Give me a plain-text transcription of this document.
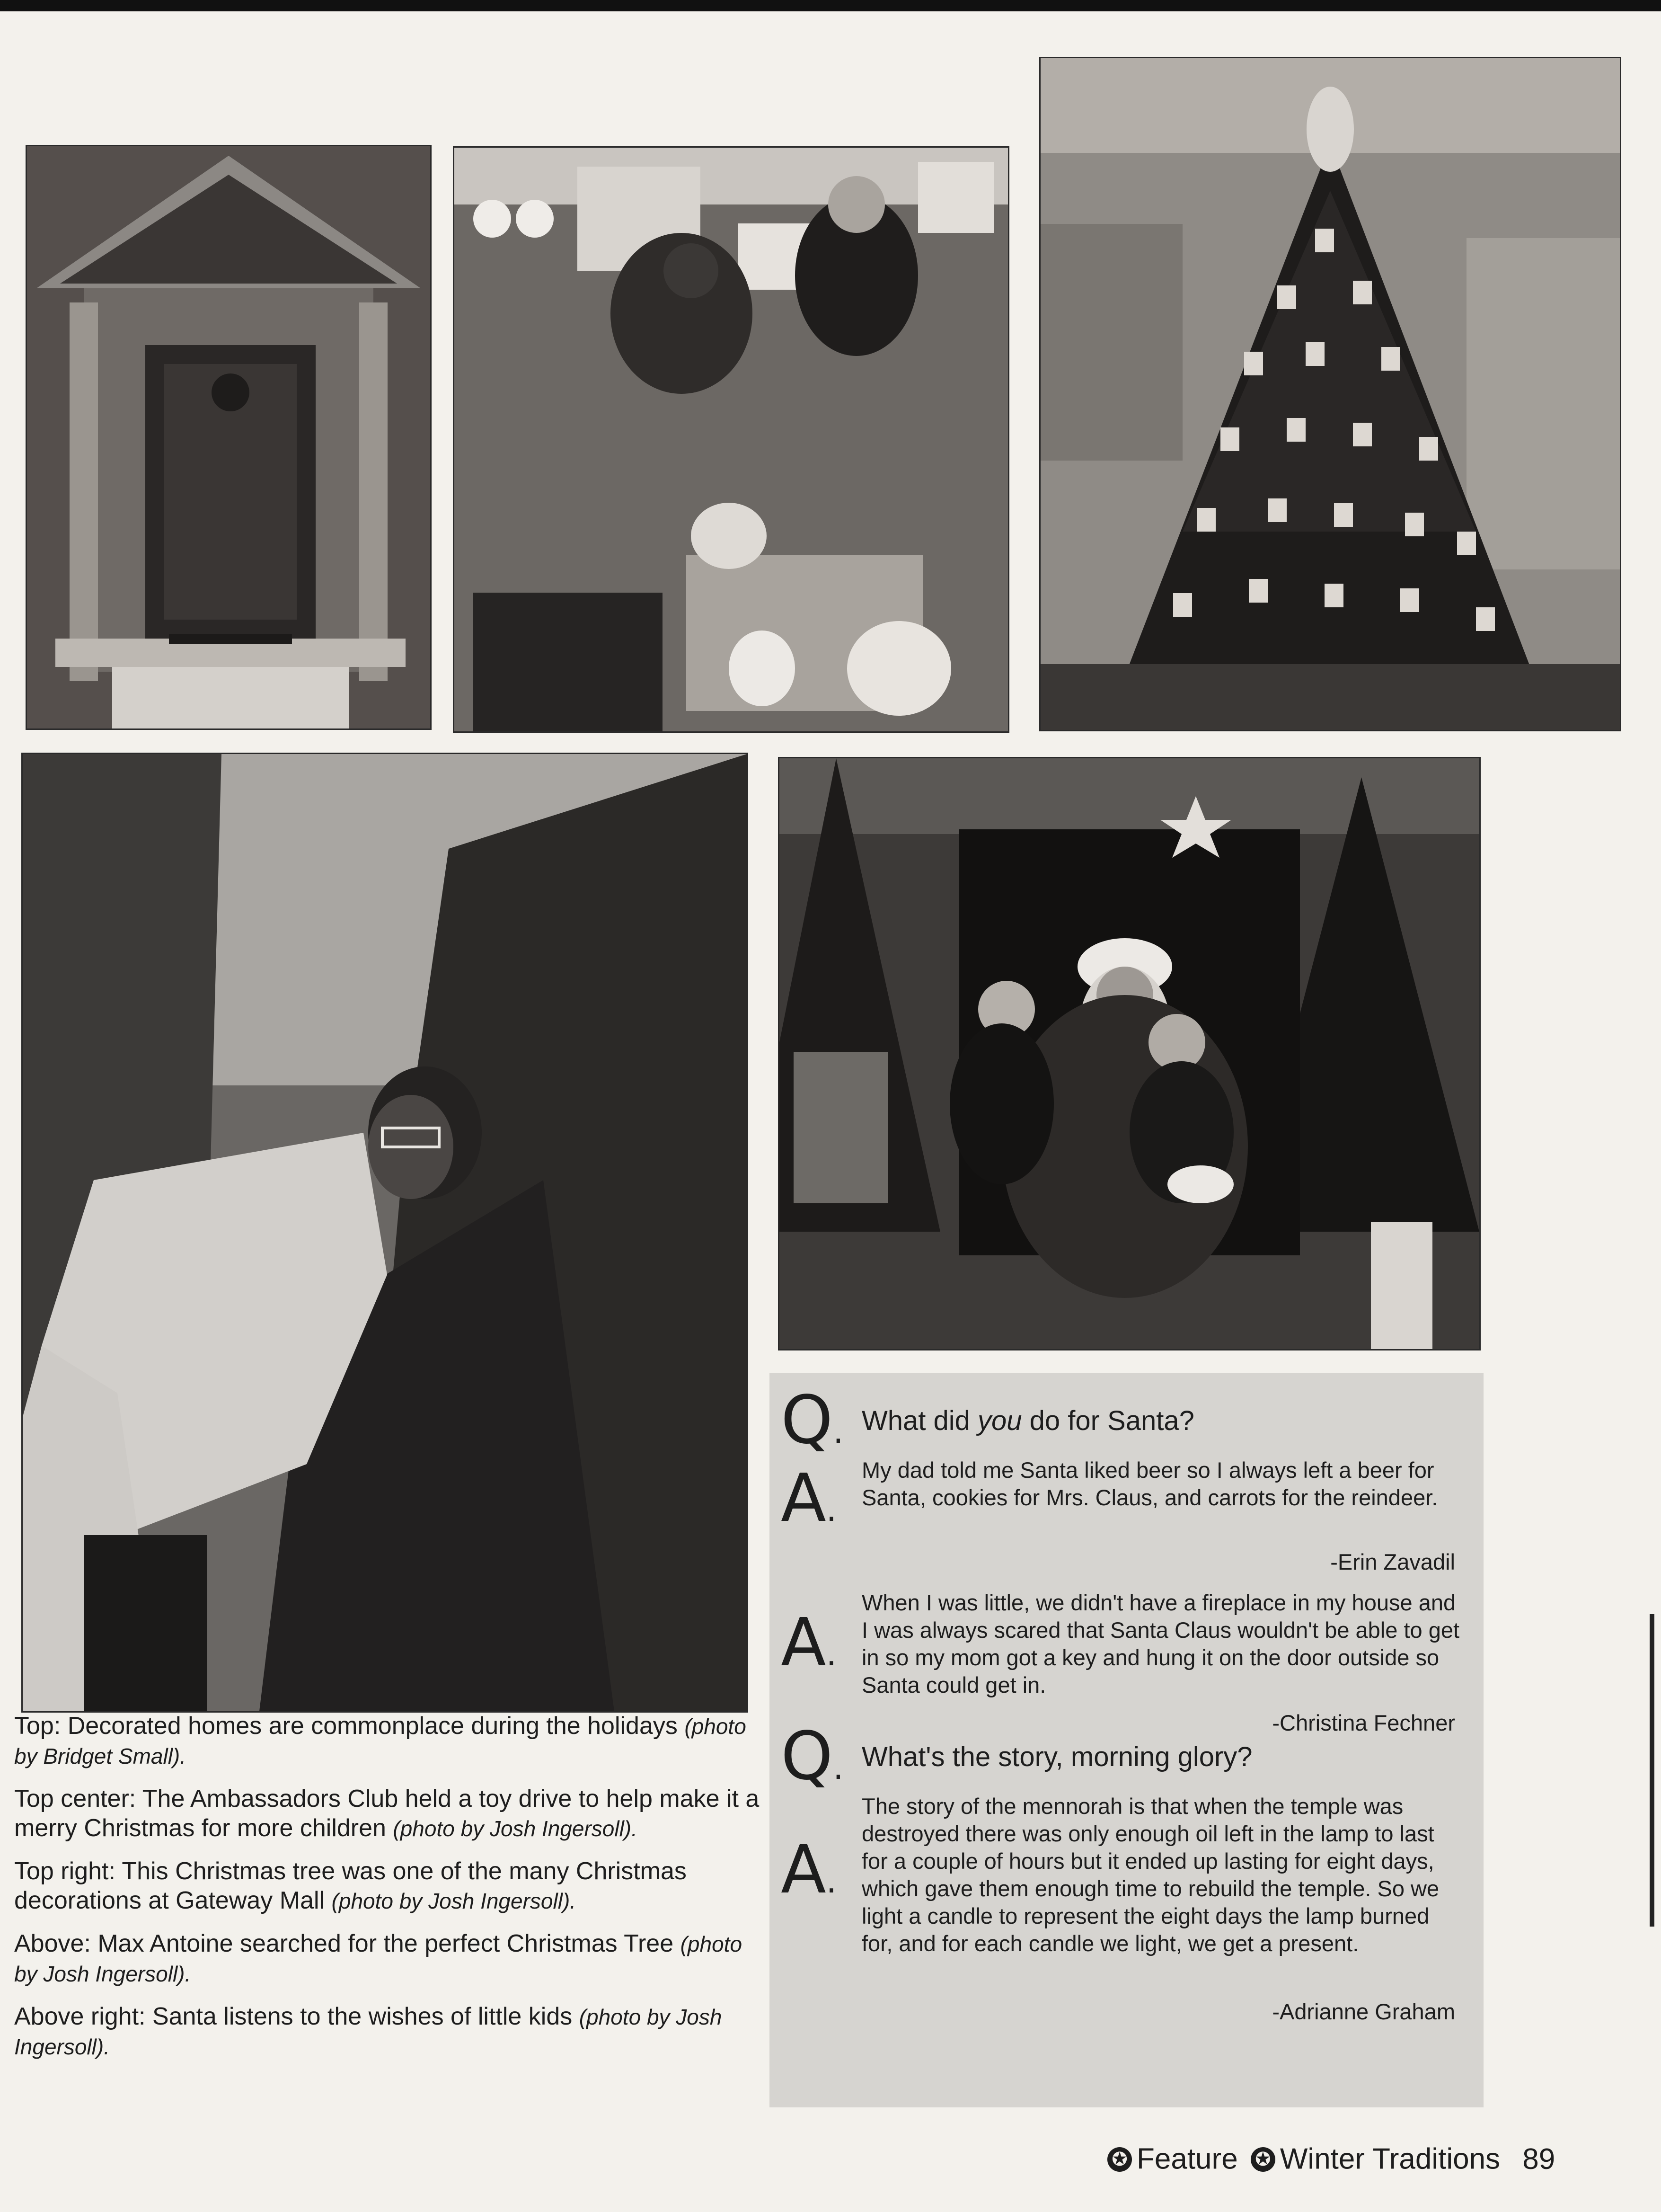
Top: Decorated homes are commonplace during the holidays (photo by Bridget Small).

Top center: The Ambassadors Club held a toy drive to help make it a merry Christmas for more children (photo by Josh Ingersoll).

Top right: This Christmas tree was one of the many Christmas decorations at Gateway Mall (photo by Josh Ingersoll).

Above: Max Antoine searched for the perfect Christmas Tree (photo by Josh Ingersoll).

Above right: Santa listens to the wishes of little kids (photo by Josh Ingersoll).

Q. What did you do for Santa?
A.
My dad told me Santa liked beer so I always left a beer for Santa, cookies for Mrs. Claus, and carrots for the reindeer.
-Erin Zavadil
A.
When I was little, we didn't have a fireplace in my house and I was always scared that Santa Claus wouldn't be able to get in so my mom got a key and hung it on the door outside so Santa could get in.
-Christina Fechner
Q. What's the story, morning glory?
A.
The story of the mennorah is that when the temple was destroyed there was only enough oil left in the lamp to last for a couple of hours but it ended up lasting for eight days, which gave them enough time to rebuild the temple. So we light a candle to represent the eight days the lamp burned for, and for each candle we light, we get a present.
-Adrianne Graham
✪ Feature ✪ Winter Traditions 89
